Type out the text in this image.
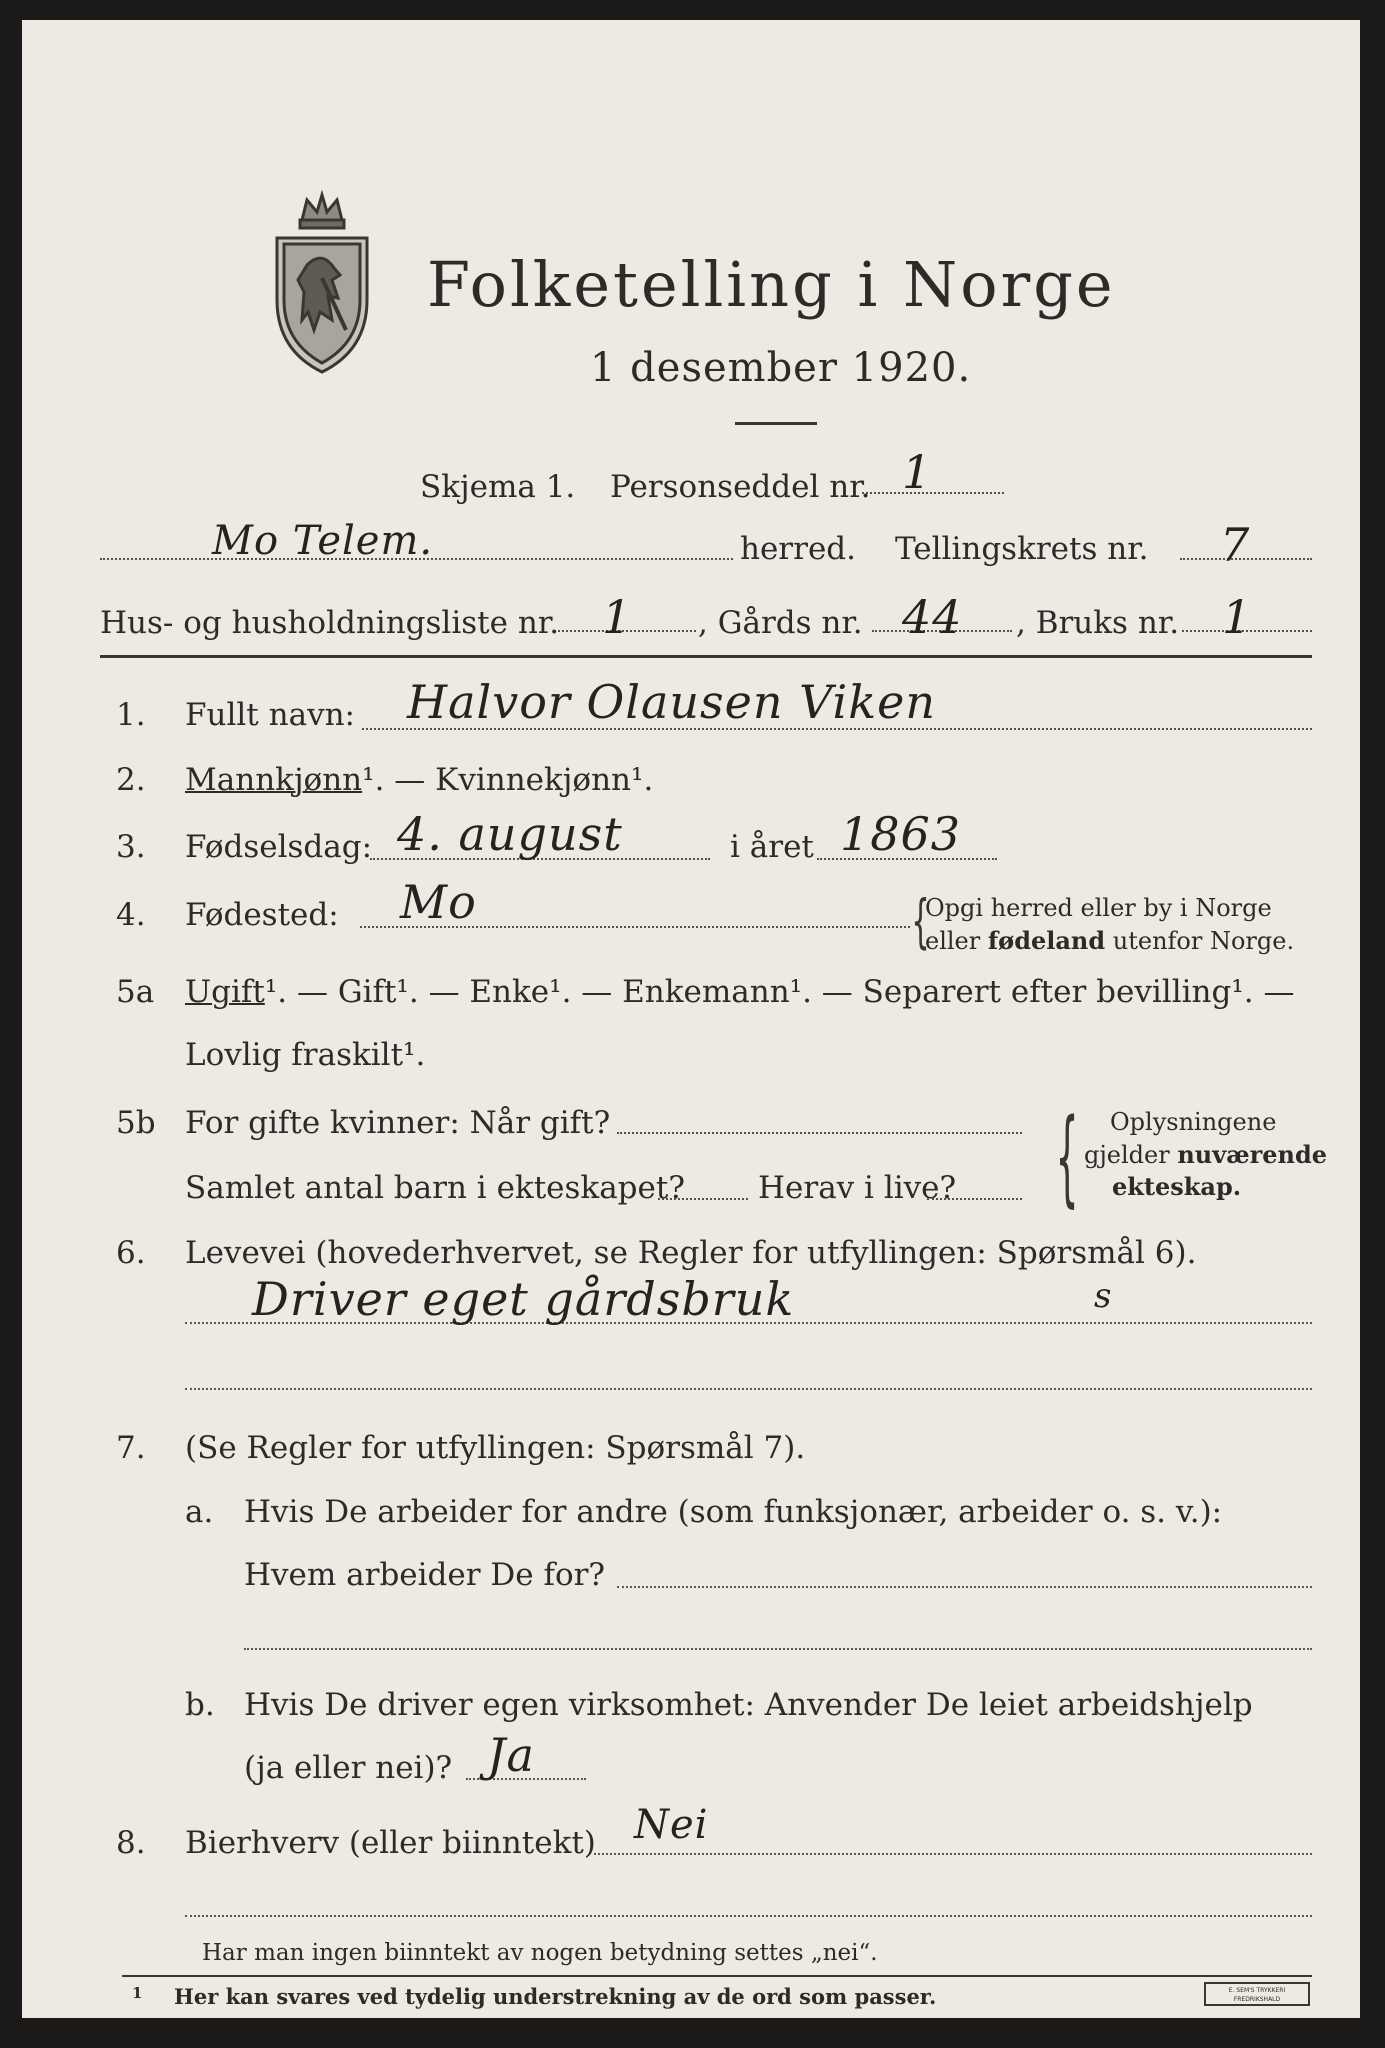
Folketelling i Norge
1 desember 1920.
Skjema 1. Personseddel nr. 1
Mo Telem.	herred. Tellingskrets nr. 7
Hus- og husholdningsliste nr. 1 , Gårds nr. 44 , Bruks nr. 1
1. Fullt navn: Halvor Olausen Viken
2. Mannkjønn¹. — Kvinnekjønn¹.
3. Fødselsdag: 4. august	i året 1863
4. Fødested: Mo	{
Opgi herred eller by i Norge
eller fødeland utenfor Norge.
5a Ugift¹. — Gift¹. — Enke¹. — Enkemann¹. — Separert efter bevilling¹. —
Lovlig fraskilt¹.
5b For gifte kvinner: Når gift?
Samlet antal barn i ekteskapet? Herav i live? { Oplysningene
gjelder nuværende
ekteskap.
6. Levevei (hovederhvervet, se Regler for utfyllingen: Spørsmål 6).
Driver eget gårdsbruk	s
7. (Se Regler for utfyllingen: Spørsmål 7).
a. Hvis De arbeider for andre (som funksjonær, arbeider o. s. v.):
Hvem arbeider De for?
b. Hvis De driver egen virksomhet: Anvender De leiet arbeidshjelp
(ja eller nei)? Ja
8. Bierhverv (eller biinntekt) Nei
Har man ingen biinntekt av nogen betydning settes „nei“.
1 Her kan svares ved tydelig understrekning av de ord som passer.	E. SEM'S TRYKKERI
FREDRIKSHALD
